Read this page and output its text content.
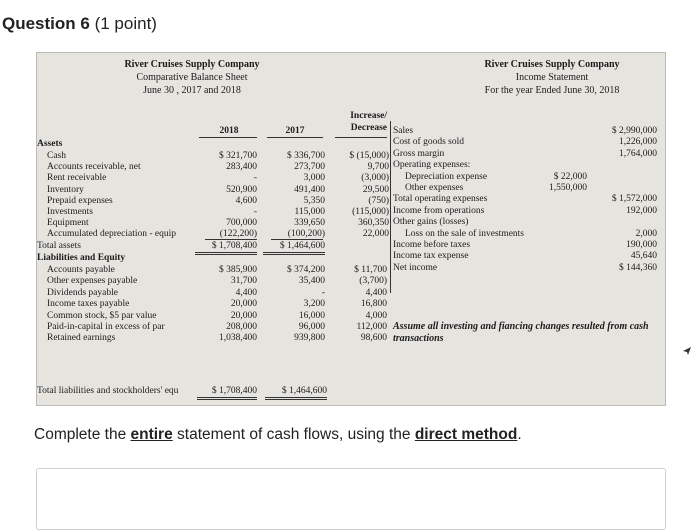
Question 6 (1 point)
River Cruises Supply Company
Comparative Balance Sheet
June 30 , 2017 and 2018
River Cruises Supply Company
Income Statement
For the year Ended June 30, 2018
2018	2017
Increase/ Decrease
Assets
Cash	$ 321,700	$ 336,700	$ (15,000)
Accounts receivable, net	283,400	273,700	9,700
Rent receivable	-	3,000	(3,000)
Inventory	520,900	491,400	29,500
Prepaid expenses	4,600	5,350	(750)
Investments	-	115,000	(115,000)
Equipment	700,000	339,650	360,350
Accumulated depreciation - equip	(122,200)	(100,200)	22,000
Total assets	$ 1,708,400	$ 1,464,600
Liabilities and Equity
Accounts payable	$ 385,900	$ 374,200	$ 11,700
Other expenses payable	31,700	35,400	(3,700)
Dividends payable	4,400	-	4,400
Income taxes payable	20,000	3,200	16,800
Common stock, $5 par value	20,000	16,000	4,000
Paid-in-capital in excess of par	208,000	96,000	112,000
Retained earnings	1,038,400	939,800	98,600
Total liabilities and stockholders' equ	$ 1,708,400	$ 1,464,600
Sales	$ 2,990,000
Cost of goods sold	1,226,000
Gross margin	1,764,000
Operating expenses:
Depreciation expense	$ 22,000
Other expenses	1,550,000
Total operating expenses	$ 1,572,000
Income from operations	192,000
Other gains (losses)
Loss on the sale of investments	2,000
Income before taxes	190,000
Income tax expense	45,640
Net income	$ 144,360
Assume all investing and fiancing changes resulted from cash transactions
Complete the entire statement of cash flows, using the direct method.
